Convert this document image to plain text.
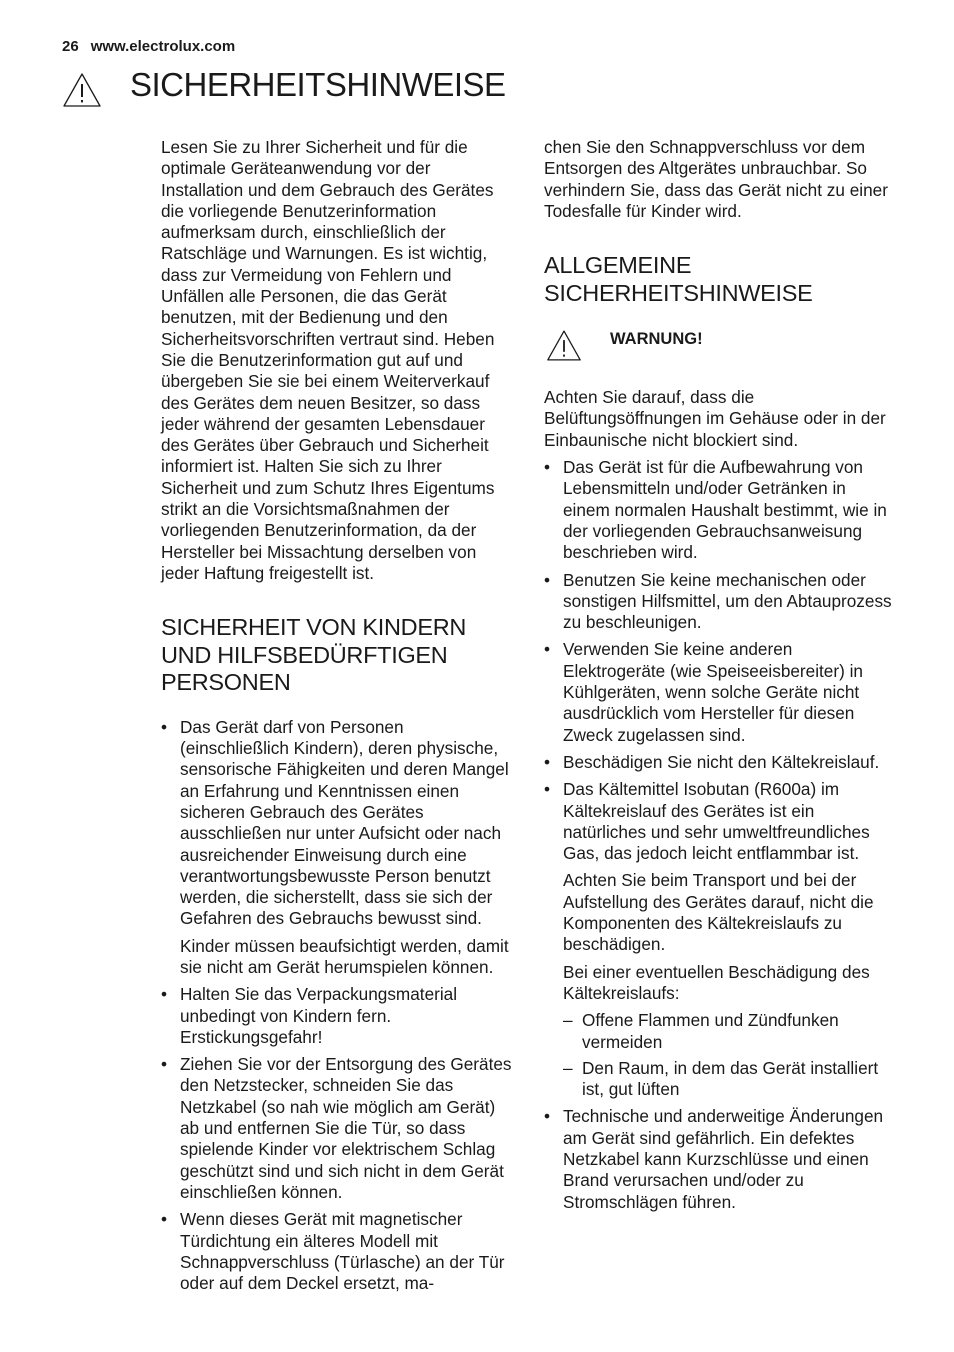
26 www.electrolux.com
SICHERHEITSHINWEISE

Lesen Sie zu Ihrer Sicherheit und für die optimale Geräteanwendung vor der Installation und dem Gebrauch des Gerätes die vorliegende Benutzerinformation aufmerksam durch, einschließlich der Ratschläge und Warnungen. Es ist wichtig, dass zur Vermeidung von Fehlern und Unfällen alle Personen, die das Gerät benutzen, mit der Bedienung und den Sicherheitsvorschriften vertraut sind. Heben Sie die Benutzerinformation gut auf und übergeben Sie sie bei einem Weiterverkauf des Gerätes dem neuen Besitzer, so dass jeder während der gesamten Lebensdauer des Gerätes über Gebrauch und Sicherheit informiert ist. Halten Sie sich zu Ihrer Sicherheit und zum Schutz Ihres Eigentums strikt an die Vorsichtsmaßnahmen der vorliegenden Benutzerinformation, da der Hersteller bei Missachtung derselben von jeder Haftung freigestellt ist.

SICHERHEIT VON KINDERN UND HILFSBEDÜRFTIGEN PERSONEN
• Das Gerät darf von Personen (einschließlich Kindern), deren physische, sensorische Fähigkeiten und deren Mangel an Erfahrung und Kenntnissen einen sicheren Gebrauch des Gerätes ausschließen nur unter Aufsicht oder nach ausreichender Einweisung durch eine verantwortungsbewusste Person benutzt werden, die sicherstellt, dass sie sich der Gefahren des Gebrauchs bewusst sind.

Kinder müssen beaufsichtigt werden, damit sie nicht am Gerät herumspielen können.

• Halten Sie das Verpackungsmaterial unbedingt von Kindern fern. Erstickungsgefahr!
• Ziehen Sie vor der Entsorgung des Gerätes den Netzstecker, schneiden Sie das Netzkabel (so nah wie möglich am Gerät) ab und entfernen Sie die Tür, so dass spielende Kinder vor elektrischem Schlag geschützt sind und sich nicht in dem Gerät einschließen können.
• Wenn dieses Gerät mit magnetischer Türdichtung ein älteres Modell mit Schnappverschluss (Türlasche) an der Tür oder auf dem Deckel ersetzt, ma-

chen Sie den Schnappverschluss vor dem Entsorgen des Altgerätes unbrauchbar. So verhindern Sie, dass das Gerät nicht zu einer Todesfalle für Kinder wird.

ALLGEMEINE SICHERHEITSHINWEISE
WARNUNG!

Achten Sie darauf, dass die Belüftungsöffnungen im Gehäuse oder in der Einbaunische nicht blockiert sind.

• Das Gerät ist für die Aufbewahrung von Lebensmitteln und/oder Getränken in einem normalen Haushalt bestimmt, wie in der vorliegenden Gebrauchsanweisung beschrieben wird.
• Benutzen Sie keine mechanischen oder sonstigen Hilfsmittel, um den Abtauprozess zu beschleunigen.
• Verwenden Sie keine anderen Elektrogeräte (wie Speiseeisbereiter) in Kühlgeräten, wenn solche Geräte nicht ausdrücklich vom Hersteller für diesen Zweck zugelassen sind.
• Beschädigen Sie nicht den Kältekreislauf.
• Das Kältemittel Isobutan (R600a) im Kältekreislauf des Gerätes ist ein natürliches und sehr umweltfreundliches Gas, das jedoch leicht entflammbar ist.

Achten Sie beim Transport und bei der Aufstellung des Gerätes darauf, nicht die Komponenten des Kältekreislaufs zu beschädigen.

Bei einer eventuellen Beschädigung des Kältekreislaufs:

– Offene Flammen und Zündfunken vermeiden
– Den Raum, in dem das Gerät installiert ist, gut lüften
• Technische und anderweitige Änderungen am Gerät sind gefährlich. Ein defektes Netzkabel kann Kurzschlüsse und einen Brand verursachen und/oder zu Stromschlägen führen.
